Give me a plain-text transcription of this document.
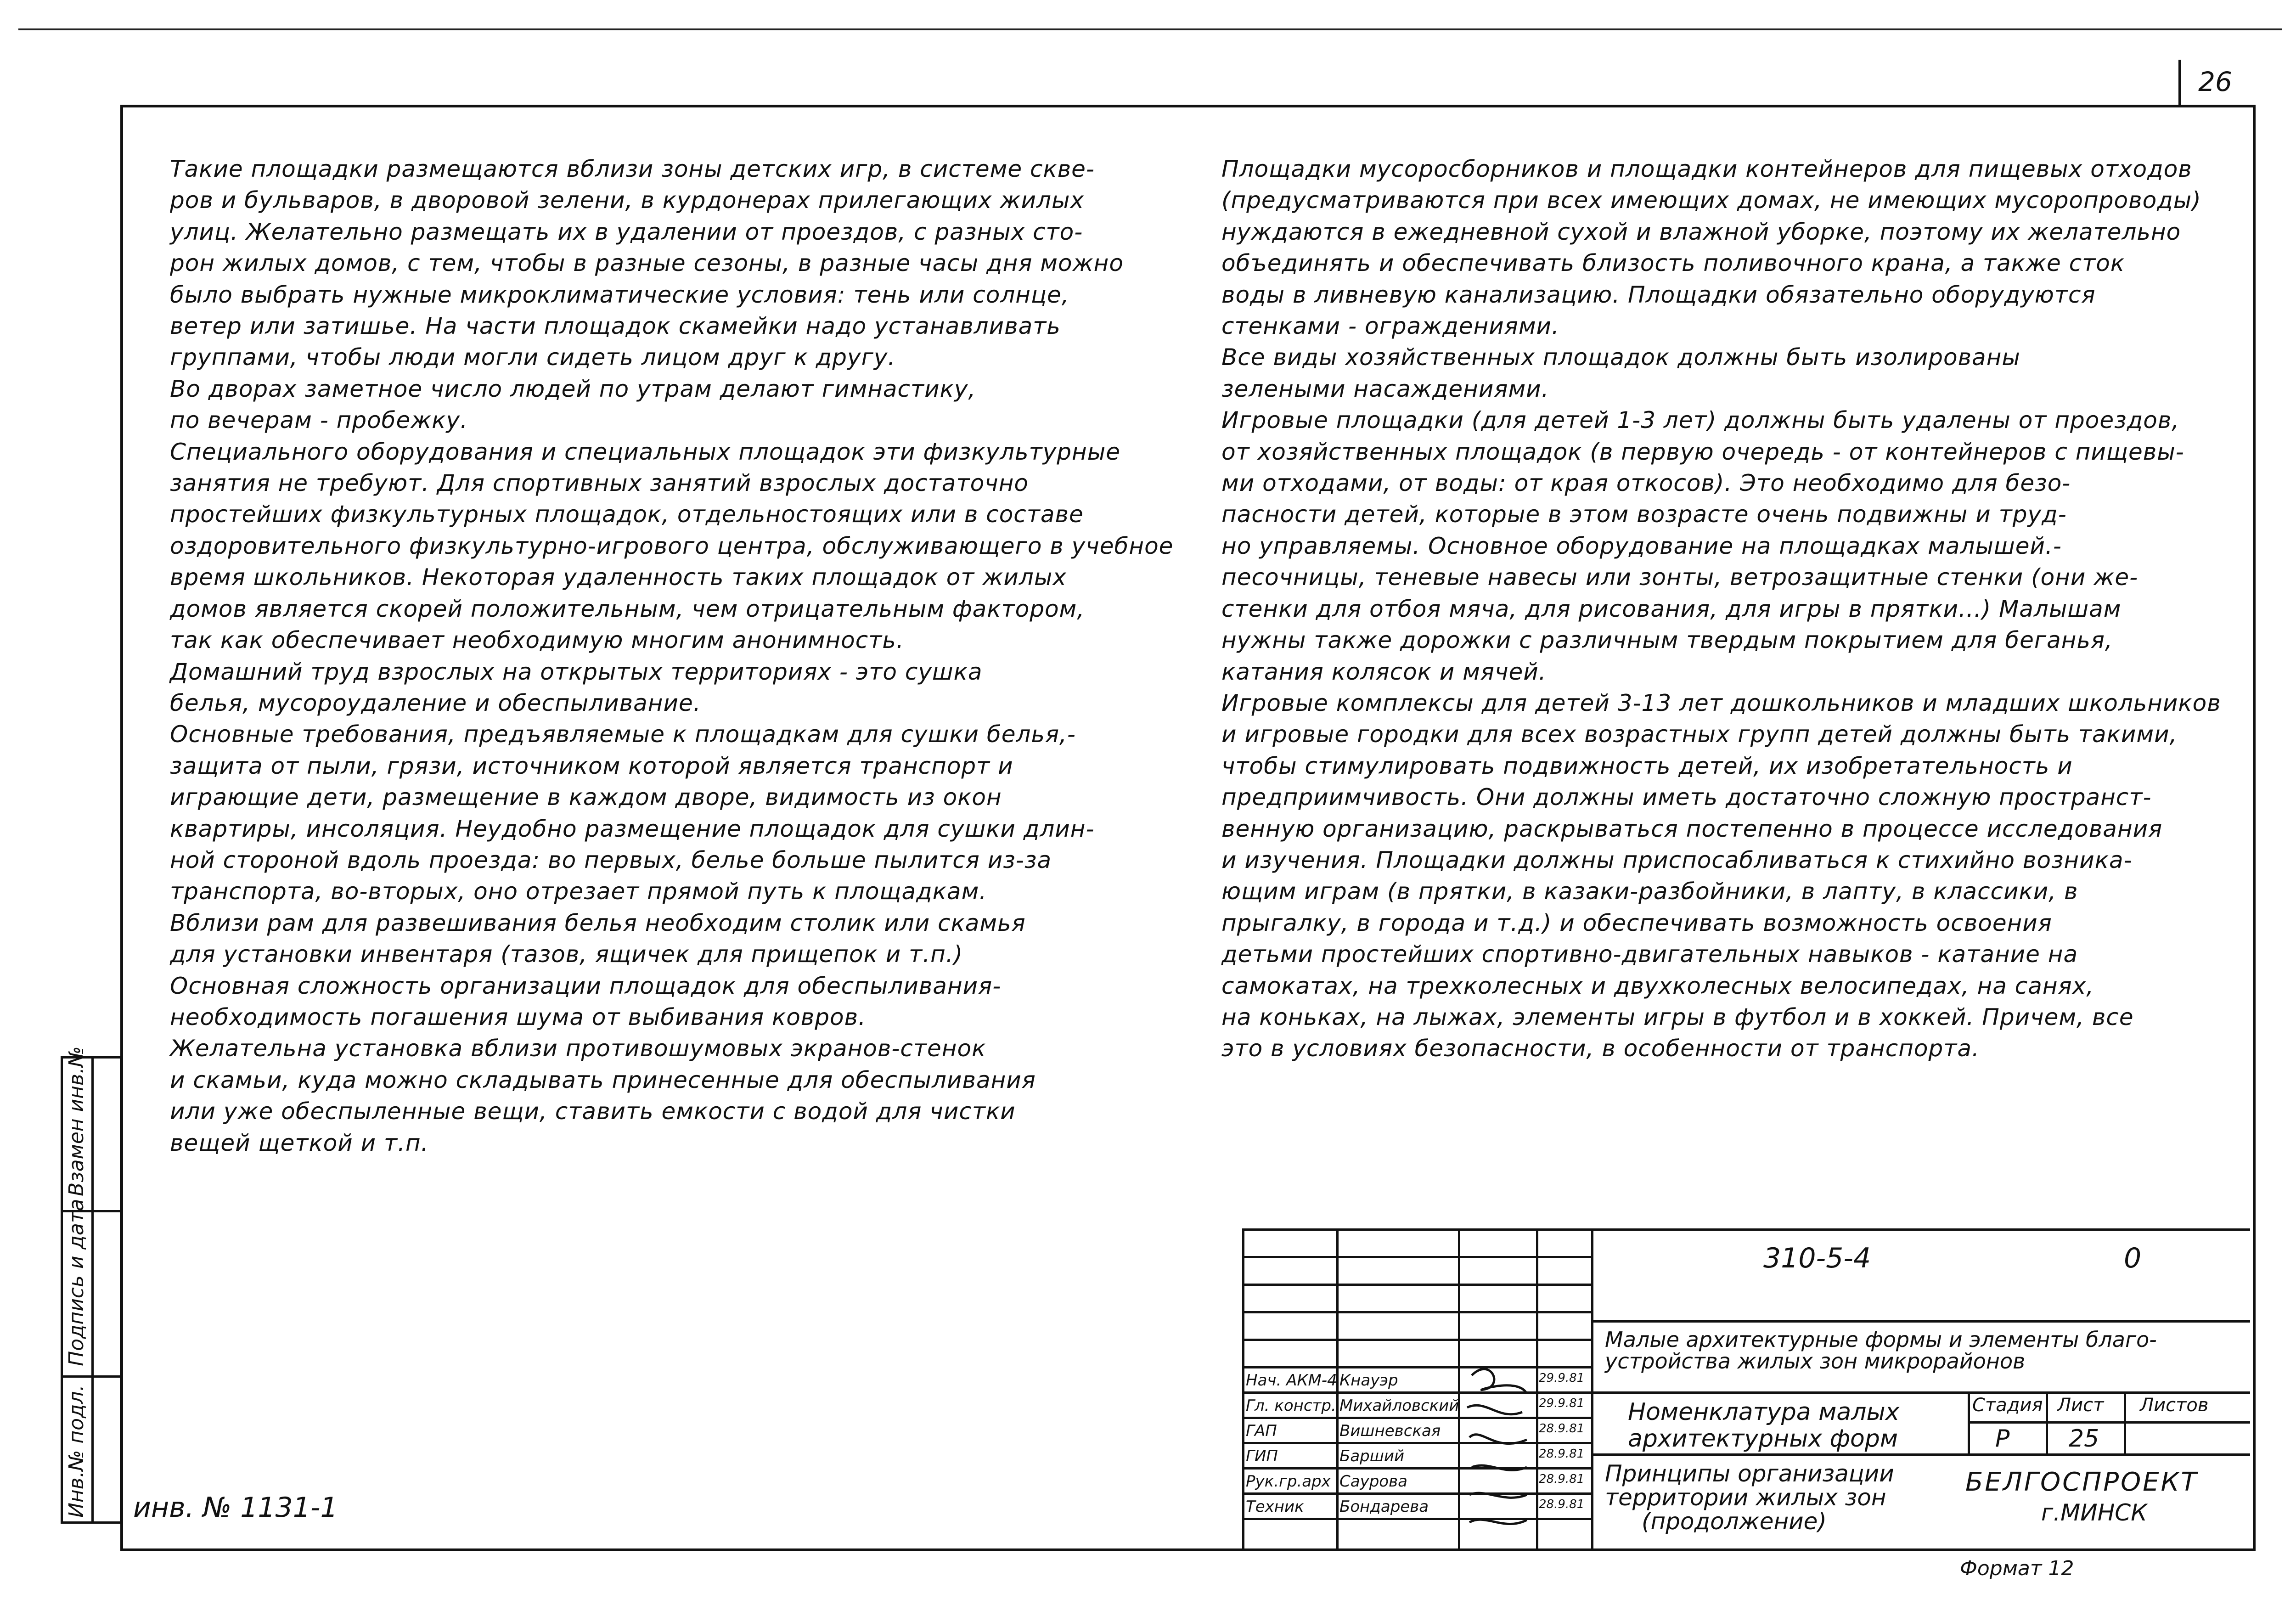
26
Такие площадки размещаются вблизи зоны детских игр, в системе скве-
ров и бульваров, в дворовой зелени, в курдонерах прилегающих жилых
улиц. Желательно размещать их в удалении от проездов, с разных сто-
рон жилых домов, с тем, чтобы в разные сезоны, в разные часы дня можно
было выбрать нужные микроклиматические условия: тень или солнце,
ветер или затишье. На части площадок скамейки надо устанавливать
группами, чтобы люди могли сидеть лицом друг к другу.
Во дворах заметное число людей по утрам делают гимнастику,
по вечерам - пробежку.
Специального оборудования и специальных площадок эти физкультурные
занятия не требуют. Для спортивных занятий взрослых достаточно
простейших физкультурных площадок, отдельностоящих или в составе
оздоровительного физкультурно-игрового центра, обслуживающего в учебное
время школьников. Некоторая удаленность таких площадок от жилых
домов является скорей положительным, чем отрицательным фактором,
так как обеспечивает необходимую многим анонимность.
Домашний труд взрослых на открытых территориях - это сушка
белья, мусороудаление и обеспыливание.
Основные требования, предъявляемые к площадкам для сушки белья,-
защита от пыли, грязи, источником которой является транспорт и
играющие дети, размещение в каждом дворе, видимость из окон
квартиры, инсоляция. Неудобно размещение площадок для сушки длин-
ной стороной вдоль проезда: во первых, белье больше пылится из-за
транспорта, во-вторых, оно отрезает прямой путь к площадкам.
Вблизи рам для развешивания белья необходим столик или скамья
для установки инвентаря (тазов, ящичек для прищепок и т.п.)
Основная сложность организации площадок для обеспыливания-
необходимость погашения шума от выбивания ковров.
Желательна установка вблизи противошумовых экранов-стенок
и скамьи, куда можно складывать принесенные для обеспыливания
или уже обеспыленные вещи, ставить емкости с водой для чистки
вещей щеткой и т.п.
Площадки мусоросборников и площадки контейнеров для пищевых отходов
(предусматриваются при всех имеющих домах, не имеющих мусоропроводы)
нуждаются в ежедневной сухой и влажной уборке, поэтому их желательно
объединять и обеспечивать близость поливочного крана, а также сток
воды в ливневую канализацию. Площадки обязательно оборудуются
стенками - ограждениями.
Все виды хозяйственных площадок должны быть изолированы
зелеными насаждениями.
Игровые площадки (для детей 1-3 лет) должны быть удалены от проездов,
от хозяйственных площадок (в первую очередь - от контейнеров с пищевы-
ми отходами, от воды: от края откосов). Это необходимо для безо-
пасности детей, которые в этом возрасте очень подвижны и труд-
но управляемы. Основное оборудование на площадках малышей.-
песочницы, теневые навесы или зонты, ветрозащитные стенки (они же-
стенки для отбоя мяча, для рисования, для игры в прятки...) Малышам
нужны также дорожки с различным твердым покрытием для беганья,
катания колясок и мячей.
Игровые комплексы для детей 3-13 лет дошкольников и младших школьников
и игровые городки для всех возрастных групп детей должны быть такими,
чтобы стимулировать подвижность детей, их изобретательность и
предприимчивость. Они должны иметь достаточно сложную пространст-
венную организацию, раскрываться постепенно в процессе исследования
и изучения. Площадки должны приспосабливаться к стихийно возника-
ющим играм (в прятки, в казаки-разбойники, в лапту, в классики, в
прыгалку, в города и т.д.) и обеспечивать возможность освоения
детьми простейших спортивно-двигательных навыков - катание на
самокатах, на трехколесных и двухколесных велосипедах, на санях,
на коньках, на лыжах, элементы игры в футбол и в хоккей. Причем, все
это в условиях безопасности, в особенности от транспорта.
Инв.№ подл.
Подпись и дата
Взамен инв.№
инв. № 1131-1
310-5-4	0
Малые архитектурные формы и элементы благо-
устройства жилых зон микрорайонов
Номенклатура малых
архитектурных форм
Стадия Лист Листов
Р 25
Принципы организации
территории жилых зон
(продолжение)
БЕЛГОСПРОЕКТ
г.МИНСК
Нач. АКМ-4 Кнауэр	29.9.81
Гл. констр. Михайловский	29.9.81
ГАП	Вишневская	28.9.81
ГИП	Барший	28.9.81
Рук.гр.арх Саурова	28.9.81
Техник Бондарева	28.9.81
Формат 12
